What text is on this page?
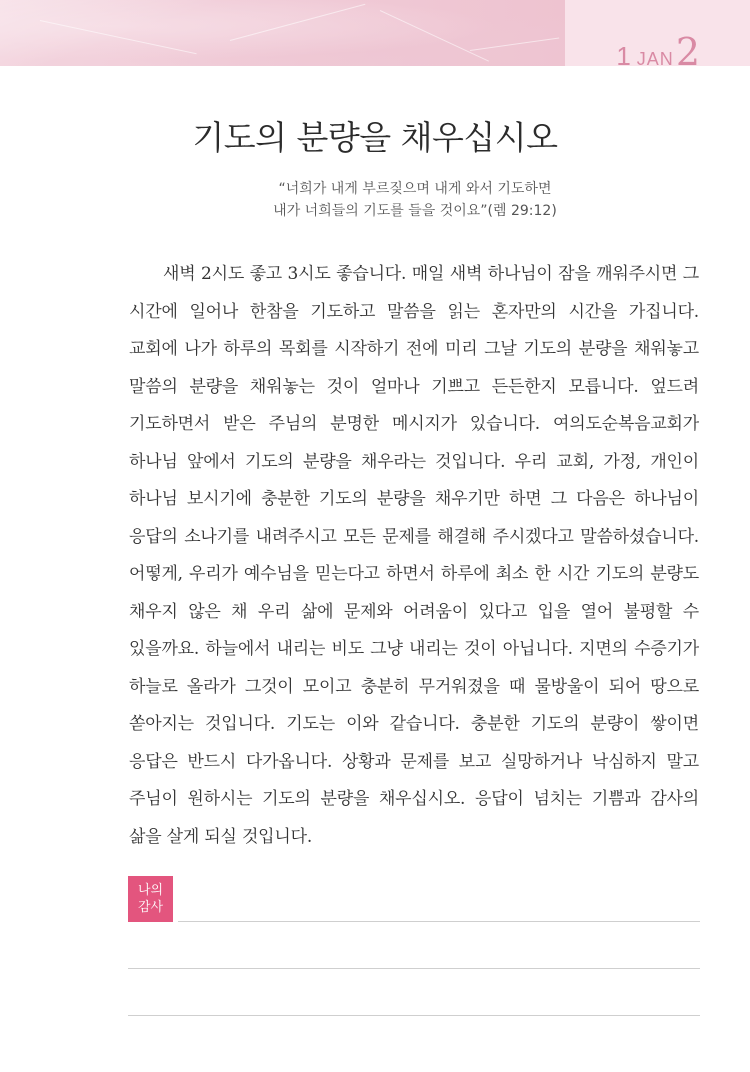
1 JAN2
기도의 분량을 채우십시오
“너희가 내게 부르짖으며 내게 와서 기도하면
내가 너희들의 기도를 들을 것이요”(렘 29:12)
새벽 2시도 좋고 3시도 좋습니다. 매일 새벽 하나님이 잠을 깨워주시면 그 시간에 일어나 한참을 기도하고 말씀을 읽는 혼자만의 시간을 가집니다. 교회에 나가 하루의 목회를 시작하기 전에 미리 그날 기도의 분량을 채워놓고 말씀의 분량을 채워놓는 것이 얼마나 기쁘고 든든한지 모릅니다. 엎드려 기도하면서 받은 주님의 분명한 메시지가 있습니다. 여의도순복음교회가 하나님 앞에서 기도의 분량을 채우라는 것입니다. 우리 교회, 가정, 개인이 하나님 보시기에 충분한 기도의 분량을 채우기만 하면 그 다음은 하나님이 응답의 소나기를 내려주시고 모든 문제를 해결해 주시겠다고 말씀하셨습니다. 어떻게, 우리가 예수님을 믿는다고 하면서 하루에 최소 한 시간 기도의 분량도 채우지 않은 채 우리 삶에 문제와 어려움이 있다고 입을 열어 불평할 수 있을까요. 하늘에서 내리는 비도 그냥 내리는 것이 아닙니다. 지면의 수증기가 하늘로 올라가 그것이 모이고 충분히 무거워졌을 때 물방울이 되어 땅으로 쏟아지는 것입니다. 기도는 이와 같습니다. 충분한 기도의 분량이 쌓이면 응답은 반드시 다가옵니다. 상황과 문제를 보고 실망하거나 낙심하지 말고 주님이 원하시는 기도의 분량을 채우십시오. 응답이 넘치는 기쁨과 감사의 삶을 살게 되실 것입니다.
나의
감사
